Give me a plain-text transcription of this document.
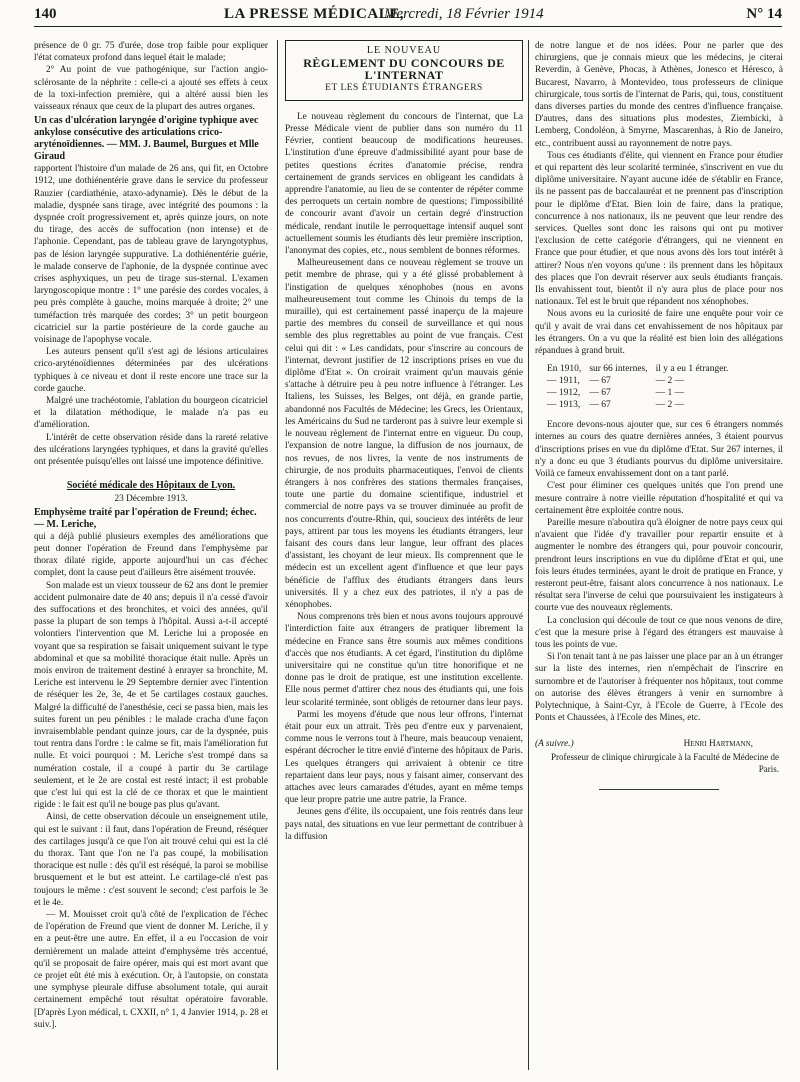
140	LA PRESSE MÉDICALE,
Mercredi, 18 Février 1914	N° 14

présence de 0 gr. 75 d'urée, dose trop faible pour expliquer l'état comateux profond dans lequel était le malade;

2° Au point de vue pathogénique, sur l'action angio-sclérosante de la néphrite : celle-ci a ajouté ses effets à ceux de la toxi-infection première, qui a altéré aussi bien les vaisseaux rénaux que ceux de la plupart des autres organes.

Un cas d'ulcération laryngée d'origine typhique avec ankylose consécutive des articulations crico-aryténoïdiennes. — MM. J. Baumel, Burgues et Mlle Giraud

rapportent l'histoire d'un malade de 26 ans, qui fit, en Octobre 1912, une dothiénentérie grave dans le service du professeur Rauzier (cardiathénie, ataxo-adynamie). Dès le début de la maladie, dyspnée sans tirage, avec intégrité des poumons : la dyspnée croît progressivement et, après quinze jours, on note du tirage, des accès de suffocation (non intense) et de l'aphonie. Cependant, pas de tableau grave de laryngotyphus, pas de lésion laryngée suppurative. La dothiénentérie guérie, le malade conserve de l'aphonie, de la dyspnée continue avec crises asphyxiques, un peu de tirage sus-sternal. L'examen laryngoscopique montre : 1° une parésie des cordes vocales, à peu près complète à gauche, moins marquée à droite; 2° une tuméfaction très marquée des cordes; 3° un petit bourgeon cicatriciel sur la partie postérieure de la corde gauche au voisinage de l'apophyse vocale.

Les auteurs pensent qu'il s'est agi de lésions articulaires crico-aryténoïdiennes déterminées par des ulcérations typhiques à ce niveau et dont il reste encore une trace sur la corde gauche.

Malgré une trachéotomie, l'ablation du bourgeon cicatriciel et la dilatation méthodique, le malade n'a pas eu d'amélioration.

L'intérêt de cette observation réside dans la rareté relative des ulcérations laryngées typhiques, et dans la gravité qu'elles ont présentée puisqu'elles ont laissé une impotence définitive.

Société médicale des Hôpitaux de Lyon.

23 Décembre 1913.

Emphysème traité par l'opération de Freund; échec. — M. Leriche,

qui a déjà publié plusieurs exemples des améliorations que peut donner l'opération de Freund dans l'emphysème par thorax dilaté rigide, apporte aujourd'hui un cas d'échec complet, dont la cause peut d'ailleurs être aisément trouvée.

Son malade est un vieux tousseur de 62 ans dont le premier accident pulmonaire date de 40 ans; depuis il n'a cessé d'avoir des suffocations et des bronchites, et voici des années, qu'il passe la plupart de son temps à l'hôpital. Aussi a-t-il accepté volontiers l'intervention que M. Leriche lui a proposée en voyant que sa respiration se faisait uniquement suivant le type abdominal et que sa mobilité thoracique était nulle. Après un mois environ de traitement destiné à enrayer sa bronchite, M. Leriche est intervenu le 29 Septembre dernier avec l'intention de réséquer les 2e, 3e, 4e et 5e cartilages costaux gauches. Malgré la difficulté de l'anesthésie, ceci se passa bien, mais les suites furent un peu pénibles : le malade cracha d'une façon invraisemblable pendant quinze jours, car de la dyspnée, puis tout rentra dans l'ordre : le calme se fit, mais l'amélioration fut nulle. Et voici pourquoi : M. Leriche s'est trompé dans sa numération costale, il a coupé à partir du 3e cartilage seulement, et le 2e are costal est resté intact; il est probable que c'est lui qui est la clé de ce thorax et que le maintient rigide : le fait est qu'il ne bouge pas plus qu'avant.

Ainsi, de cette observation découle un enseignement utile, qui est le suivant : il faut, dans l'opération de Freund, réséquer des cartilages jusqu'à ce que l'on ait trouvé celui qui est la clé du thorax. Tant que l'on ne l'a pas coupé, la mobilisation thoracique est nulle : dès qu'il est réséqué, la paroi se mobilise brusquement et le but est atteint. Le cartilage-clé n'est pas toujours le même : c'est souvent le second; c'est parfois le 3e et le 4e.

— M. Mouisset croit qu'à côté de l'explication de l'échec de l'opération de Freund que vient de donner M. Leriche, il y en a peut-être une autre. En effet, il a eu l'occasion de voir dernièrement un malade atteint d'emphysème très accentué, qu'il se proposait de faire opérer, mais qui est mort avant que ce projet eût été mis à exécution. Or, à l'autopsie, on constata une symphyse pleurale diffuse absolument totale, qui aurait certainement empêché tout résultat opératoire favorable. [D'après Lyon médical, t. CXXII, n° 1, 4 Janvier 1914, p. 28 et suiv.].

LE NOUVEAU
RÈGLEMENT DU CONCOURS DE L'INTERNAT
ET LES ÉTUDIANTS ÉTRANGERS

Le nouveau règlement du concours de l'internat, que La Presse Médicale vient de publier dans son numéro du 11 Février, contient beaucoup de modifications heureuses. L'institution d'une épreuve d'admissibilité ayant pour base de petites questions écrites d'anatomie précise, rendra certainement de grands services en obligeant les candidats à apprendre l'anatomie, au lieu de se contenter de répéter comme des perroquets un certain nombre de questions; l'impossibilité de concourir avant d'avoir un certain degré d'instruction médicale, rendant inutile le perroquettage intensif auquel sont actuellement soumis les étudiants dès leur première inscription, l'anonymat des copies, etc., nous semblent de bonnes réformes.

Malheureusement dans ce nouveau règlement se trouve un petit membre de phrase, qui y a été glissé probablement à l'instigation de quelques xénophobes (nous en avons malheureusement tout comme les Chinois du temps de la muraille), qui est certainement passé inaperçu de la majeure partie des membres du conseil de surveillance et qui nous semble des plus regrettables au point de vue français. C'est celui qui dit : « Les candidats, pour s'inscrire au concours de l'internat, devront justifier de 12 inscriptions prises en vue du diplôme d'Etat ». On croirait vraiment qu'un mauvais génie s'attache à détruire peu à peu notre influence à l'étranger. Les Italiens, les Suisses, les Belges, ont déjà, en grande partie, abandonné nos Facultés de Médecine; les Grecs, les Orientaux, les Américains du Sud ne tarderont pas à suivre leur exemple si le nouveau règlement de l'internat entre en vigueur. Du coup, l'expansion de notre langue, la diffusion de nos journaux, de nos revues, de nos livres, la vente de nos instruments de chirurgie, de nos produits pharmaceutiques, l'envoi de clients étrangers à nos confrères des stations thermales françaises, toute une partie du domaine scientifique, industriel et commercial de notre pays va se trouver diminuée au profit de nos concurrents d'outre-Rhin, qui, soucieux des intérêts de leur pays, attirent par tous les moyens les étudiants étrangers, leur faisant des cours dans leur langue, leur offrant des places d'assistant, les choyant de leur mieux. Ils comprennent que le médecin est un excellent agent d'influence et que leur pays bénéficie de l'afflux des étudiants étrangers dans leurs universités. Il y a chez eux des patriotes, il n'y a pas de xénophobes.

Nous comprenons très bien et nous avons toujours approuvé l'interdiction faite aux étrangers de pratiquer librement la médecine en France sans être soumis aux mêmes conditions d'accès que nos étudiants. A cet égard, l'institution du diplôme universitaire qui ne constitue qu'un titre honorifique et ne donne pas le droit de pratique, est une institution excellente. Elle nous permet d'attirer chez nous des étudiants qui, une fois leur scolarité terminée, sont obligés de retourner dans leur pays.

Parmi les moyens d'étude que nous leur offrons, l'internat était pour eux un attrait. Très peu d'entre eux y parvenaient, comme nous le verrons tout à l'heure, mais beaucoup venaient, espérant décrocher le titre envié d'interne des hôpitaux de Paris. Les quelques étrangers qui arrivaient à obtenir ce titre repartaient dans leur pays, nous y faisant aimer, conservant des attaches avec leurs camarades d'études, ayant en même temps que leur propre patrie une autre patrie, la France.

Jeunes gens d'élite, ils occupaient, une fois rentrés dans leur pays natal, des situations en vue leur permettant de contribuer à la diffusion

de notre langue et de nos idées. Pour ne parler que des chirurgiens, que je connais mieux que les médecins, je citerai Reverdin, à Genève, Phocas, à Athènes, Jonesco et Héresco, à Bucarest, Navarro, à Montevideo, tous professeurs de clinique chirurgicale, tous sortis de l'internat de Paris, qui, tous, constituent dans diverses parties du monde des centres d'influence française. D'autres, dans des situations plus modestes, Ziembicki, à Lemberg, Condoléon, à Smyrne, Mascarenhas, à Rio de Janeiro, etc., contribuent aussi au rayonnement de notre pays.

Tous ces étudiants d'élite, qui viennent en France pour étudier et qui repartent dès leur scolarité terminée, s'inscrivent en vue du diplôme universitaire. N'ayant aucune idée de s'établir en France, ils ne passent pas de baccalauréat et ne prennent pas d'inscription pour le diplôme d'Etat. Bien loin de faire, dans la pratique, concurrence à nos nationaux, ils ne peuvent que leur rendre des services. Quelles sont donc les raisons qui ont pu motiver l'exclusion de cette catégorie d'étrangers, qui ne viennent en France que pour étudier, et que nous avons dès lors tout intérêt à attirer? Nous n'en voyons qu'une : ils prennent dans les hôpitaux des places que l'on devrait réserver aux seuls étudiants français. Ils envahissent tout, bientôt il n'y aura plus de place pour nos nationaux. Tel est le bruit que répandent nos xénophobes.

Nous avons eu la curiosité de faire une enquête pour voir ce qu'il y avait de vrai dans cet envahissement de nos hôpitaux par les étrangers. On a vu que la réalité est bien loin des allégations répandues à grand bruit.

En 1910,	sur 66 internes,	il y a eu 1 étranger.
— 1911,	— 67	— 2 —
— 1912,	— 67	— 1 —
— 1913,	— 67	— 2 —

Encore devons-nous ajouter que, sur ces 6 étrangers nommés internes au cours des quatre dernières années, 3 étaient pourvus d'inscriptions prises en vue du diplôme d'Etat. Sur 267 internes, il n'y a donc eu que 3 étudiants pourvus du diplôme universitaire. Voilà ce fameux envahissement dont on a tant parlé.

C'est pour éliminer ces quelques unités que l'on prend une mesure contraire à notre vieille réputation d'hospitalité et qui va certainement être exploitée contre nous.

Pareille mesure n'aboutira qu'à éloigner de notre pays ceux qui n'avaient que l'idée d'y travailler pour repartir ensuite et à augmenter le nombre des étrangers qui, pour pouvoir concourir, prendront leurs inscriptions en vue du diplôme d'Etat et qui, une fois leurs études terminées, ayant le droit de pratique en France, y resteront peut-être, faisant alors concurrence à nos nationaux. Le résultat sera l'inverse de celui que poursuivaient les instigateurs à courte vue des nouveaux règlements.

La conclusion qui découle de tout ce que nous venons de dire, c'est que la mesure prise à l'égard des étrangers est mauvaise à tous les points de vue.

Si l'on tenait tant à ne pas laisser une place par an à un étranger sur la liste des internes, rien n'empêchait de l'inscrire en surnombre et de l'autoriser à fréquenter nos hôpitaux, tout comme on autorise des élèves étrangers à venir en surnombre à Polytechnique, à Saint-Cyr, à l'Ecole de Guerre, à l'Ecole des Ponts et Chaussées, à l'Ecole des Mines, etc.

(A suivre.)	Henri Hartmann,
Professeur de clinique chirurgicale à la Faculté de Médecine de Paris.
